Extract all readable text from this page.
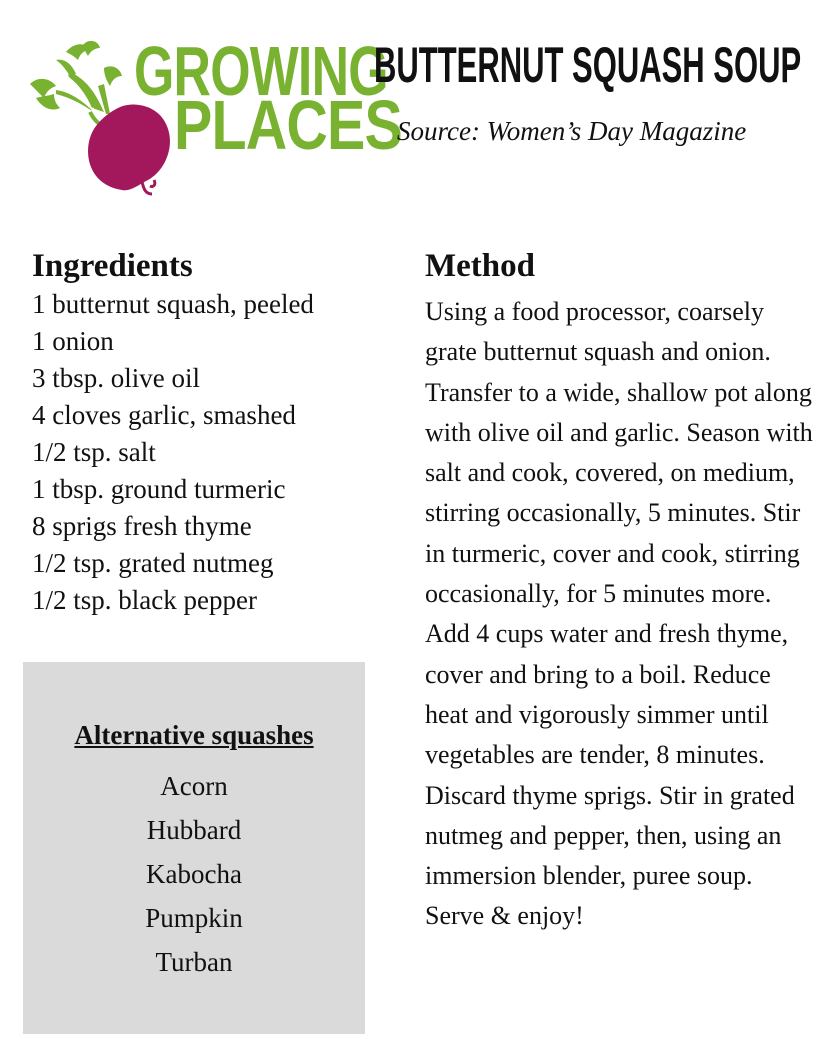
GROWING
PLACES
BUTTERNUT SQUASH SOUP
Source: Women’s Day Magazine
Ingredients
1 butternut squash, peeled
1 onion
3 tbsp. olive oil
4 cloves garlic, smashed
1/2 tsp. salt
1 tbsp. ground turmeric
8 sprigs fresh thyme
1/2 tsp. grated nutmeg
1/2 tsp. black pepper
Alternative squashes
Acorn
Hubbard
Kabocha
Pumpkin
Turban
Method

Using a food processor, coarsely grate butternut squash and onion. Transfer to a wide, shallow pot along with olive oil and garlic. Season with salt and cook, covered, on medium, stirring occasionally, 5 minutes. Stir in turmeric, cover and cook, stirring occasionally, for 5 minutes more. Add 4 cups water and fresh thyme, cover and bring to a boil. Reduce heat and vigorously simmer until vegetables are tender, 8 minutes. Discard thyme sprigs. Stir in grated nutmeg and pepper, then, using an immersion blender, puree soup. Serve & enjoy!
